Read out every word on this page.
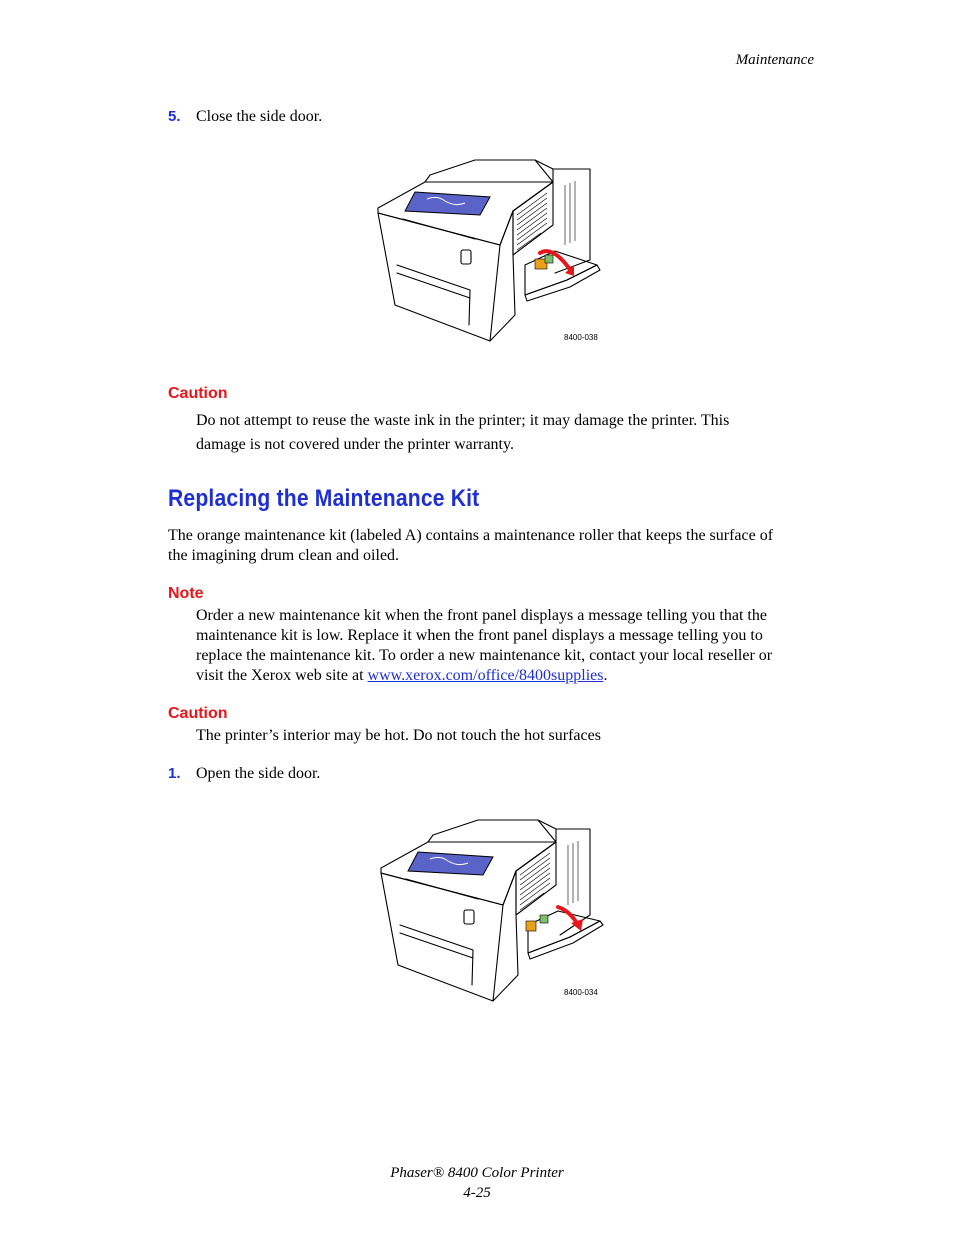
Maintenance
5. Close the side door.
8400-038
Caution
Do not attempt to reuse the waste ink in the printer; it may damage the printer. This
damage is not covered under the printer warranty.
Replacing the Maintenance Kit
The orange maintenance kit (labeled A) contains a maintenance roller that keeps the surface of
the imagining drum clean and oiled.
Note
Order a new maintenance kit when the front panel displays a message telling you that the
maintenance kit is low. Replace it when the front panel displays a message telling you to
replace the maintenance kit. To order a new maintenance kit, contact your local reseller or
visit the Xerox web site at www.xerox.com/office/8400supplies.
Caution
The printer’s interior may be hot. Do not touch the hot surfaces
1. Open the side door.
8400-034
Phaser® 8400 Color Printer
4-25
